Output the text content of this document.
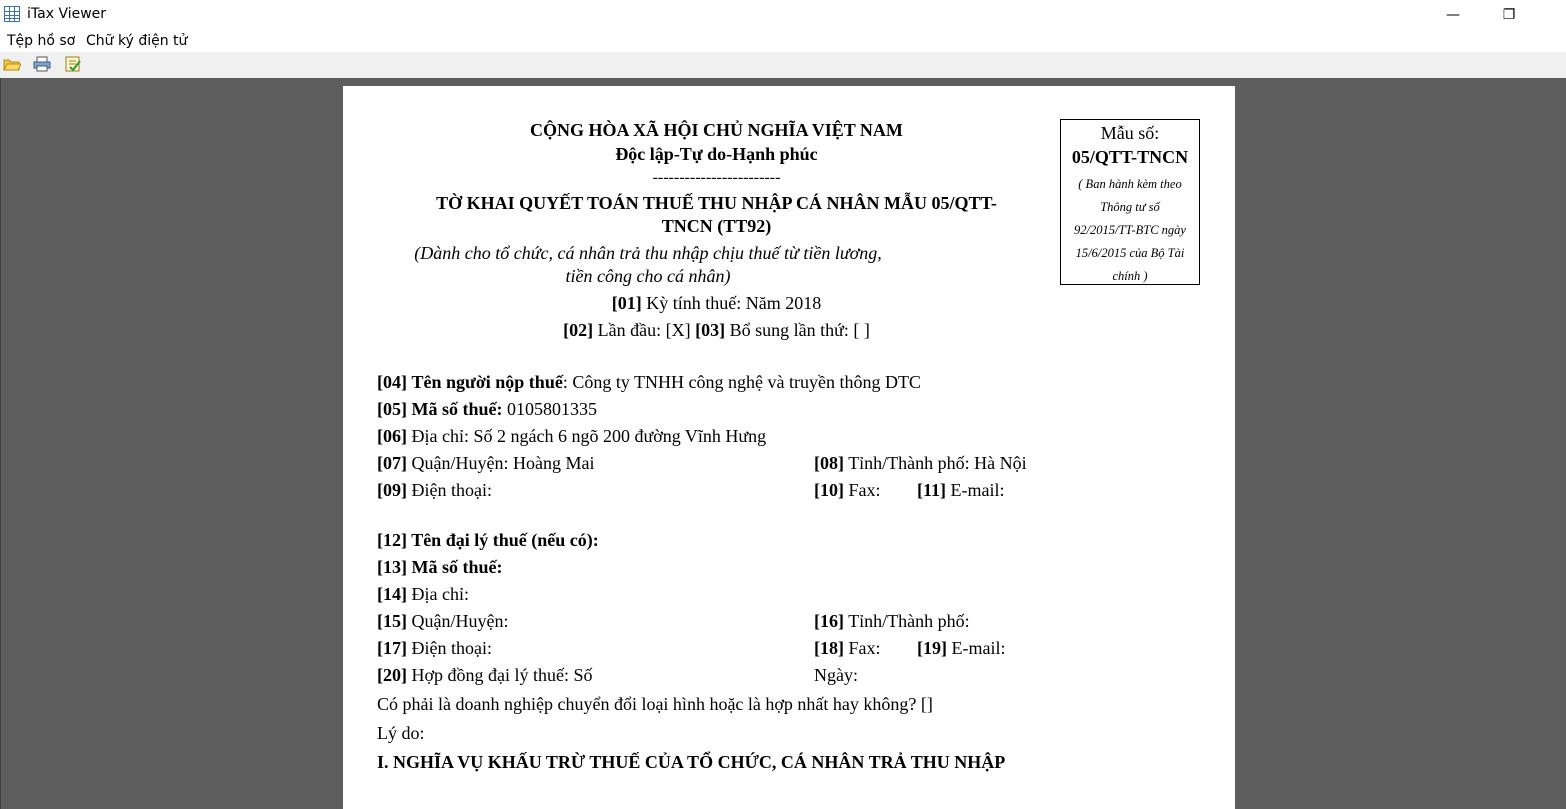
iTax Viewer	—	❐
Tệp hồ sơ Chữ ký điện tử
CỘNG HÒA XÃ HỘI CHỦ NGHĨA VIỆT NAM
Độc lập-Tự do-Hạnh phúc
------------------------
TỜ KHAI QUYẾT TOÁN THUẾ THU NHẬP CÁ NHÂN MẪU 05/QTT-
TNCN (TT92)
(Dành cho tổ chức, cá nhân trả thu nhập chịu thuế từ tiền lương,
tiền công cho cá nhân)
Mẫu số:
05/QTT-TNCN
( Ban hành kèm theo
Thông tư số
92/2015/TT-BTC ngày
15/6/2015 của Bộ Tài
chính )
[01] Kỳ tính thuế: Năm 2018
[02] Lần đầu: [X] [03] Bổ sung lần thứ: [ ]
[04] Tên người nộp thuế: Công ty TNHH công nghệ và truyền thông DTC
[05] Mã số thuế: 0105801335
[06] Địa chỉ: Số 2 ngách 6 ngõ 200 đường Vĩnh Hưng
[07] Quận/Huyện: Hoàng Mai	[08] Tỉnh/Thành phố: Hà Nội
[09] Điện thoại:	[10] Fax: [11] E-mail:
[12] Tên đại lý thuế (nếu có):
[13] Mã số thuế:
[14] Địa chỉ:
[15] Quận/Huyện:	[16] Tỉnh/Thành phố:
[17] Điện thoại:	[18] Fax: [19] E-mail:
[20] Hợp đồng đại lý thuế: Số	Ngày:
Có phải là doanh nghiệp chuyển đổi loại hình hoặc là hợp nhất hay không? []
Lý do:
I. NGHĨA VỤ KHẤU TRỪ THUẾ CỦA TỔ CHỨC, CÁ NHÂN TRẢ THU NHẬP
